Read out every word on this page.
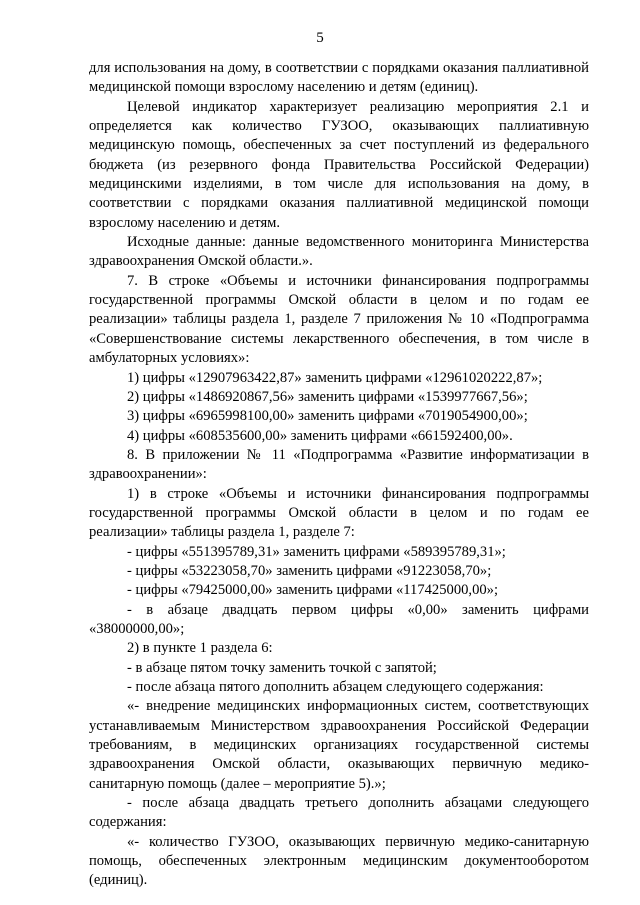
5

для использования на дому, в соответствии с порядками оказания паллиативной медицинской помощи взрослому населению и детям (единиц).

Целевой индикатор характеризует реализацию мероприятия 2.1 и определяется как количество ГУЗОО, оказывающих паллиативную медицинскую помощь, обеспеченных за счет поступлений из федерального бюджета (из резервного фонда Правительства Российской Федерации) медицинскими изделиями, в том числе для использования на дому, в соответствии с порядками оказания паллиативной медицинской помощи взрослому населению и детям.

Исходные данные: данные ведомственного мониторинга Министерства здравоохранения Омской области.».

7. В строке «Объемы и источники финансирования подпрограммы государственной программы Омской области в целом и по годам ее реализации» таблицы раздела 1, разделе 7 приложения № 10 «Подпрограмма «Совершенствование системы лекарственного обеспечения, в том числе в амбулаторных условиях»:

1) цифры «12907963422,87» заменить цифрами «12961020222,87»;

2) цифры «1486920867,56» заменить цифрами «1539977667,56»;

3) цифры «6965998100,00» заменить цифрами «7019054900,00»;

4) цифры «608535600,00» заменить цифрами «661592400,00».

8. В приложении № 11 «Подпрограмма «Развитие информатизации в здравоохранении»:

1) в строке «Объемы и источники финансирования подпрограммы государственной программы Омской области в целом и по годам ее реализации» таблицы раздела 1, разделе 7:

- цифры «551395789,31» заменить цифрами «589395789,31»;

- цифры «53223058,70» заменить цифрами «91223058,70»;

- цифры «79425000,00» заменить цифрами «117425000,00»;

- в абзаце двадцать первом цифры «0,00» заменить цифрами «38000000,00»;

2) в пункте 1 раздела 6:

- в абзаце пятом точку заменить точкой с запятой;

- после абзаца пятого дополнить абзацем следующего содержания:

«- внедрение медицинских информационных систем, соответствующих устанавливаемым Министерством здравоохранения Российской Федерации требованиям, в медицинских организациях государственной системы здравоохранения Омской области, оказывающих первичную медико-санитарную помощь (далее – мероприятие 5).»;

- после абзаца двадцать третьего дополнить абзацами следующего содержания:

«- количество ГУЗОО, оказывающих первичную медико-санитарную помощь, обеспеченных электронным медицинским документооборотом (единиц).
